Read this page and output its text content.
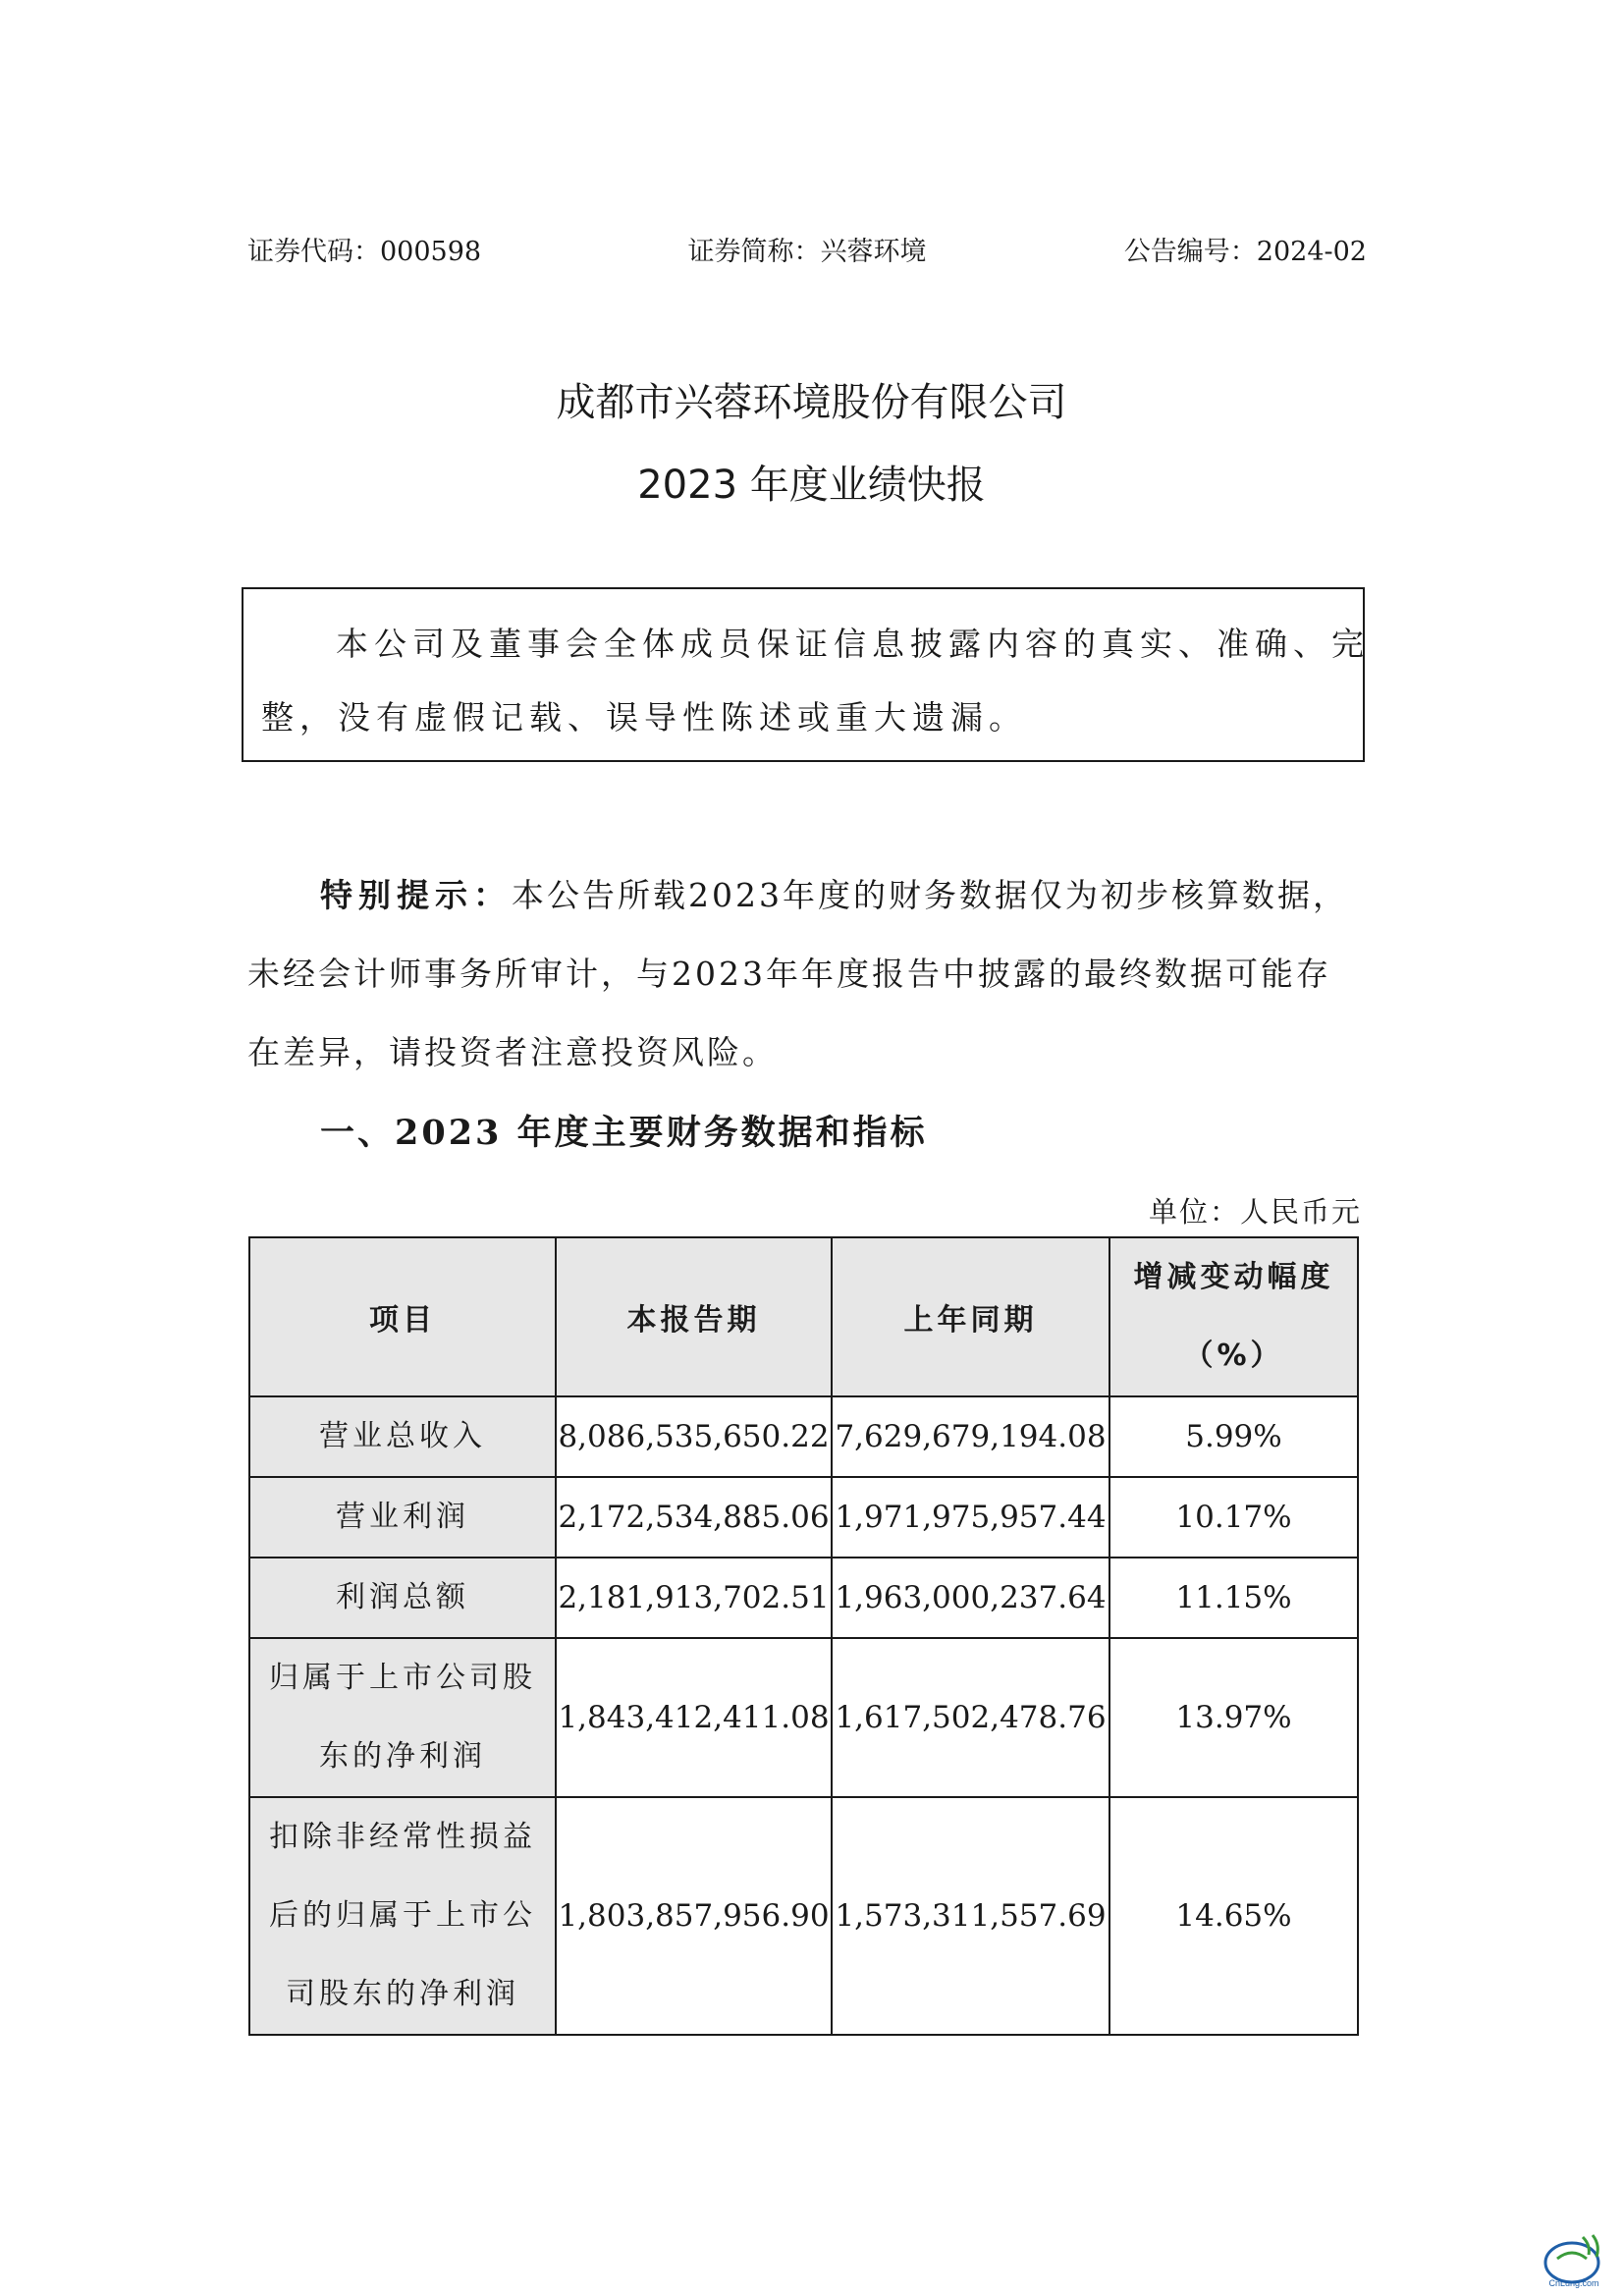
证券代码：000598	证券简称：兴蓉环境	公告编号：2024-02
成都市兴蓉环境股份有限公司
2023 年度业绩快报
本公司及董事会全体成员保证信息披露内容的真实、准确、完
整，没有虚假记载、误导性陈述或重大遗漏。
特别提示：本公告所载2023年度的财务数据仅为初步核算数据，
未经会计师事务所审计，与2023年年度报告中披露的最终数据可能存
在差异，请投资者注意投资风险。
一、2023 年度主要财务数据和指标
单位：人民币元
项目	本报告期	上年同期	增减变动幅度
（%）

营业总收入	8,086,535,650.22	7,629,679,194.08	5.99%

营业利润	2,172,534,885.06	1,971,975,957.44	10.17%

利润总额	2,181,913,702.51	1,963,000,237.64	11.15%

归属于上市公司股
东的净利润	1,843,412,411.08	1,617,502,478.76	13.97%

扣除非经常性损益
后的归属于上市公
司股东的净利润	1,803,857,956.90	1,573,311,557.69	14.65%
CnLung.com
